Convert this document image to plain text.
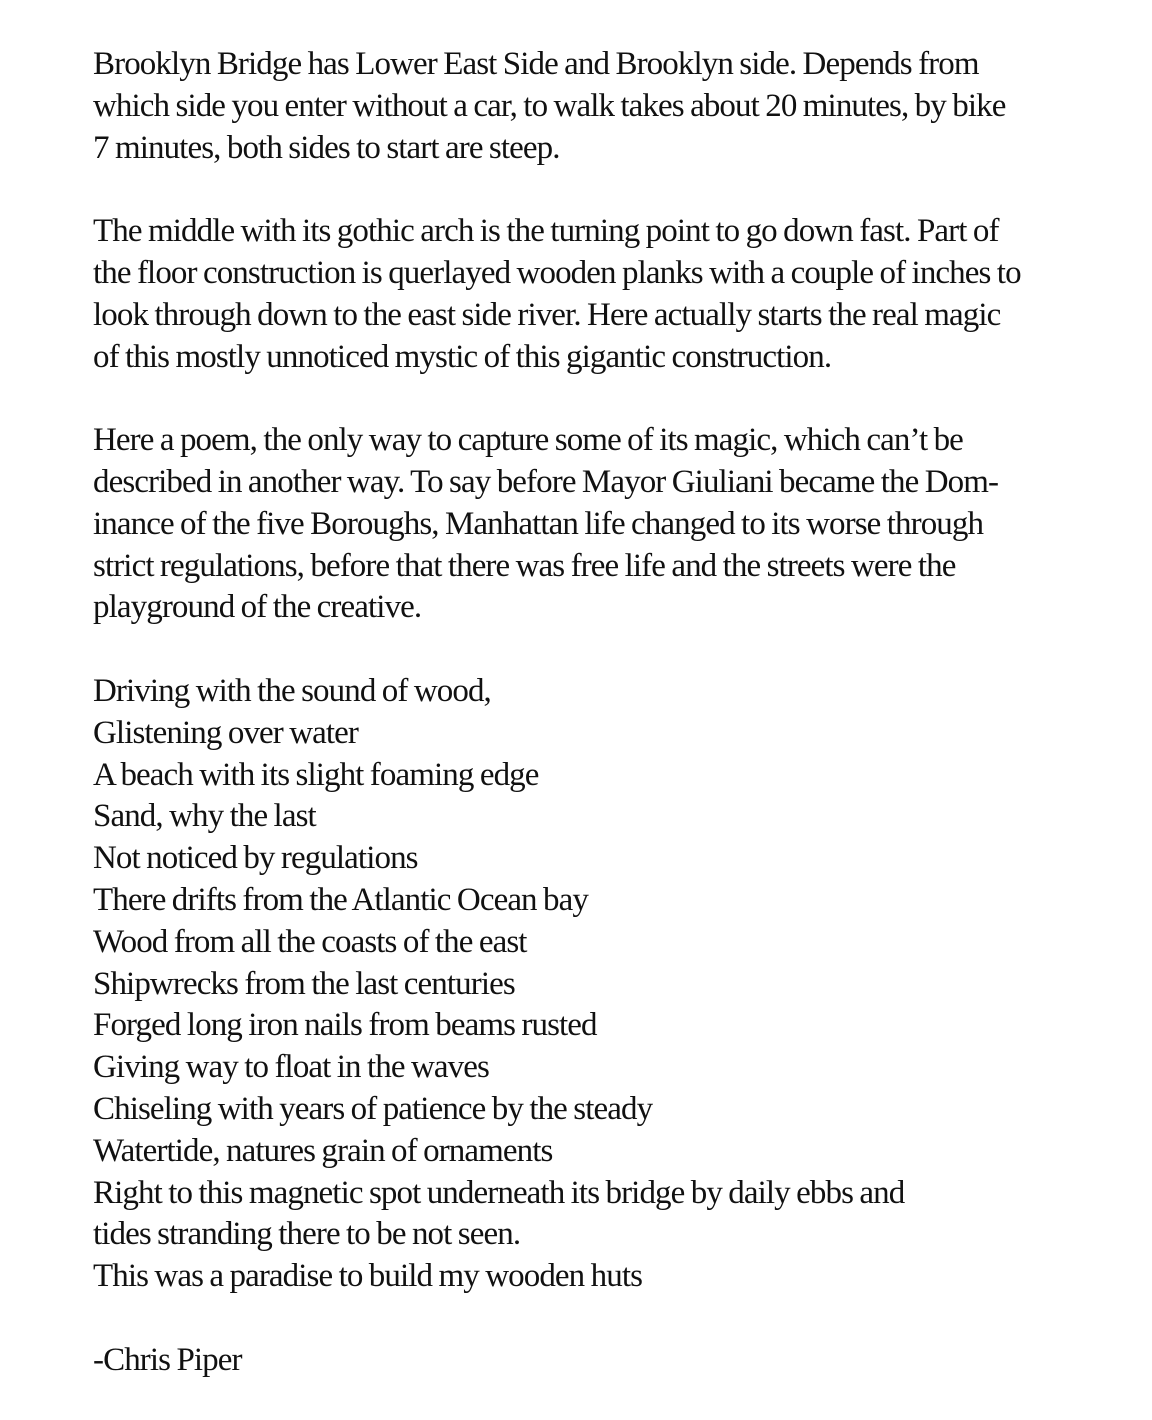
Brooklyn Bridge has Lower East Side and Brooklyn side. Depends from
which side you enter without a car, to walk takes about 20 minutes, by bike
7 minutes, both sides to start are steep.

The middle with its gothic arch is the turning point to go down fast. Part of
the floor construction is querlayed wooden planks with a couple of inches to
look through down to the east side river. Here actually starts the real magic
of this mostly unnoticed mystic of this gigantic construction.

Here a poem, the only way to capture some of its magic, which can’t be
described in another way. To say before Mayor Giuliani became the Dom-
inance of the five Boroughs, Manhattan life changed to its worse through
strict regulations, before that there was free life and the streets were the
playground of the creative.

Driving with the sound of wood,
Glistening over water
A beach with its slight foaming edge
Sand, why the last
Not noticed by regulations
There drifts from the Atlantic Ocean bay
Wood from all the coasts of the east
Shipwrecks from the last centuries
Forged long iron nails from beams rusted
Giving way to float in the waves
Chiseling with years of patience by the steady
Watertide, natures grain of ornaments
Right to this magnetic spot underneath its bridge by daily ebbs and
tides stranding there to be not seen.
This was a paradise to build my wooden huts
-Chris Piper
